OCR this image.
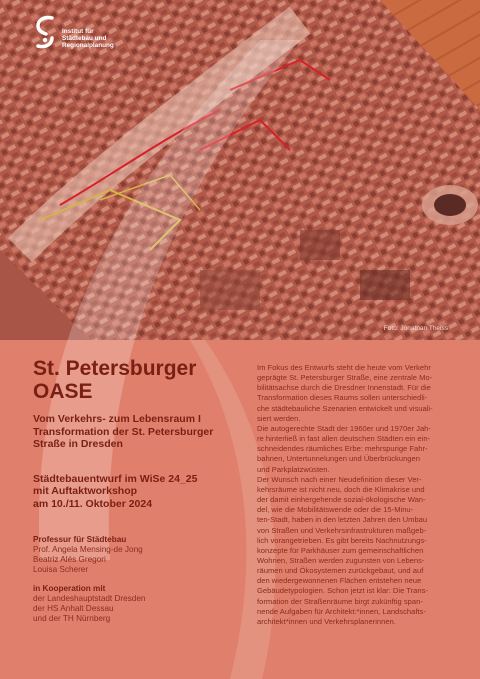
Institut für
Städtebau und
Regionalplanung
Foto: Jonathan Theiss
St. Petersburger
OASE
Vom Verkehrs- zum Lebensraum I
Transformation der St. Petersburger
Straße in Dresden
Städtebauentwurf im WiSe 24_25
mit Auftaktworkshop
am 10./11. Oktober 2024
Professur für Städtebau
Prof. Angela Mensing-de Jong
Beatriz Alés Gregori
Louisa Scherer
in Kooperation mit
der Landeshauptstadt Dresden
der HS Anhalt Dessau
und der TH Nürnberg

Im Fokus des Entwurfs steht die heute vom Verkehr

geprägte St. Petersburger Straße, eine zentrale Mo-

bilitätsachse durch die Dresdner Innenstadt. Für die

Transformation dieses Raums sollen unterschiedli-

che städtebauliche Szenarien entwickelt und visuali-

siert werden.

Die autogerechte Stadt der 1960er und 1970er Jah-

re hinterließ in fast allen deutschen Städten ein ein-

schneidendes räumliches Erbe: mehrspurige Fahr-

bahnen, Untertunnelungen und Überbrückungen

und Parkplatzwüsten.

Der Wunsch nach einer Neudefinition dieser Ver-

kehrsräume ist nicht neu, doch die Klimakrise und

der damit einhergehende sozial-ökologische Wan-

del, wie die Mobilitätswende oder die 15-Minu-

ten-Stadt, haben in den letzten Jahren den Umbau

von Straßen und Verkehrsinfrastrukturen maßgeb-

lich vorangetrieben. Es gibt bereits Nachnutzungs-

konzepte für Parkhäuser zum gemeinschaftlichen

Wohnen, Straßen werden zugunsten von Lebens-

räumen und Ökosystemen zurückgebaut, und auf

den wiedergewonnenen Flächen entstehen neue

Gebäudetypologien. Schon jetzt ist klar: Die Trans-

formation der Straßenräume birgt zukünftig span-

nende Aufgaben für Architekt:*innen, Landschafts-

architekt*innen und Verkehrsplanerinnen.
